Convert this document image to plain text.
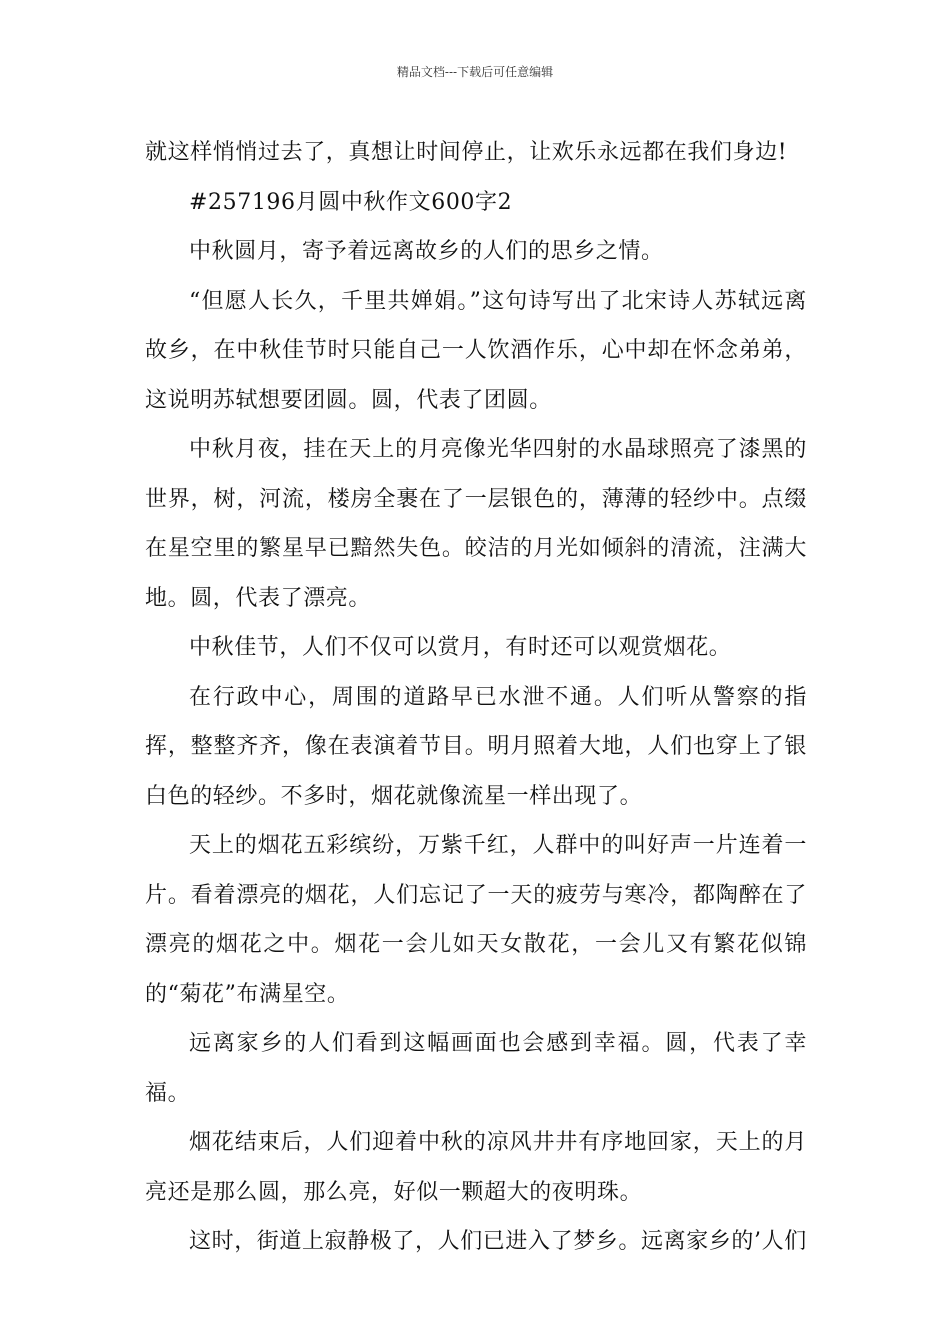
精品文档---下载后可任意编辑

就这样悄悄过去了，真想让时间停止，让欢乐永远都在我们身边!

#257196月圆中秋作文600字2

中秋圆月，寄予着远离故乡的人们的思乡之情。

“但愿人长久，千里共婵娟。”这句诗写出了北宋诗人苏轼远离故乡，在中秋佳节时只能自己一人饮酒作乐，心中却在怀念弟弟，这说明苏轼想要团圆。圆，代表了团圆。

中秋月夜，挂在天上的月亮像光华四射的水晶球照亮了漆黑的世界，树，河流，楼房全裹在了一层银色的，薄薄的轻纱中。点缀在星空里的繁星早已黯然失色。皎洁的月光如倾斜的清流，注满大地。圆，代表了漂亮。

中秋佳节，人们不仅可以赏月，有时还可以观赏烟花。

在行政中心，周围的道路早已水泄不通。人们听从警察的指挥，整整齐齐，像在表演着节目。明月照着大地，人们也穿上了银白色的轻纱。不多时，烟花就像流星一样出现了。

天上的烟花五彩缤纷，万紫千红，人群中的叫好声一片连着一片。看着漂亮的烟花，人们忘记了一天的疲劳与寒冷，都陶醉在了漂亮的烟花之中。烟花一会儿如天女散花，一会儿又有繁花似锦的“菊花”布满星空。

远离家乡的人们看到这幅画面也会感到幸福。圆，代表了幸福。

烟花结束后，人们迎着中秋的凉风井井有序地回家，天上的月亮还是那么圆，那么亮，好似一颗超大的夜明珠。

这时，街道上寂静极了，人们已进入了梦乡。远离家乡的’人们
